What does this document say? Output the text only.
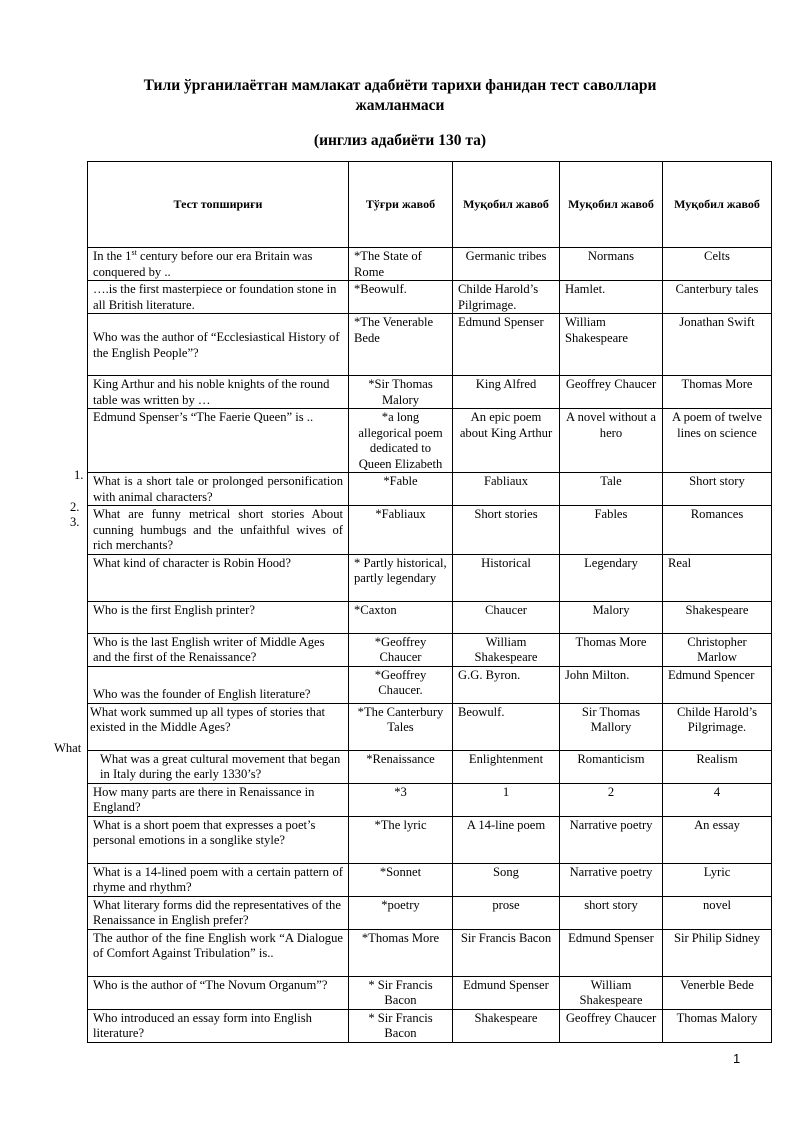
Тили ўрганилаётган мамлакат адабиёти тарихи фанидан тест саволлари
жамланмаси
(инглиз адабиёти 130 та)
1.
2.
3.
What
Тест топшириғи	Тўғри жавоб	Муқобил жавоб	Муқобил жавоб	Муқобил жавоб
In the 1st century before our era Britain was conquered by ..	*The State of Rome	Germanic tribes	Normans	Celts
….is the first masterpiece or foundation stone in all British literature.	*Beowulf.	Childe Harold’s Pilgrimage.	Hamlet.	Canterbury tales
Who was the author of “Ecclesiastical History of the English People”?	*The Venerable Bede	Edmund Spenser	William Shakespeare	Jonathan Swift
King Arthur and his noble knights of the round table was written by …	*Sir Thomas Malory	King Alfred	Geoffrey Chaucer	Thomas More
Edmund Spenser’s “The Faerie Queen” is ..	*a long allegorical poem dedicated to Queen Elizabeth	An epic poem about King Arthur	A novel without a hero	A poem of twelve lines on science
What is a short tale or prolonged personification with animal characters?	*Fable	Fabliaux	Tale	Short story
What are funny metrical short stories About cunning humbugs and the unfaithful wives of rich merchants?	*Fabliaux	Short stories	Fables	Romances
What kind of character is Robin Hood?	* Partly historical, partly legendary	Historical	Legendary	Real
Who is the first English printer?	*Caxton	Chaucer	Malory	Shakespeare
Who is the last English writer of Middle Ages and the first of the Renaissance?	*Geoffrey Chaucer	William Shakespeare	Thomas More	Christopher Marlow
Who was the founder of English literature?	*Geoffrey Chaucer.	G.G. Byron.	John Milton.	Edmund Spencer

What work summed up all types of stories that existed in the Middle Ages?	*The Canterbury Tales	Beowulf.	Sir Thomas Mallory	Childe Harold’s Pilgrimage.
What was a great cultural movement that began in Italy during the early 1330’s?	*Renaissance	Enlightenment	Romanticism	Realism
How many parts are there in Renaissance in England?	*3	1	2	4
What is a short poem that expresses a poet’s personal emotions in a songlike style?	*The lyric	A 14-line poem	Narrative poetry	An essay
What is a 14-lined poem with a certain pattern of rhyme and rhythm?	*Sonnet	Song	Narrative poetry	Lyric
What literary forms did the representatives of the Renaissance in English prefer?	*poetry	prose	short story	novel
The author of the fine English work “A Dialogue of Comfort Against Tribulation” is..	*Thomas More	Sir Francis Bacon	Edmund Spenser	Sir Philip Sidney
Who is the author of “The Novum Organum”?	* Sir Francis Bacon	Edmund Spenser	William Shakespeare	Venerble Bede
Who introduced an essay form into English literature?	* Sir Francis Bacon	Shakespeare	Geoffrey Chaucer	Thomas Malory
1
